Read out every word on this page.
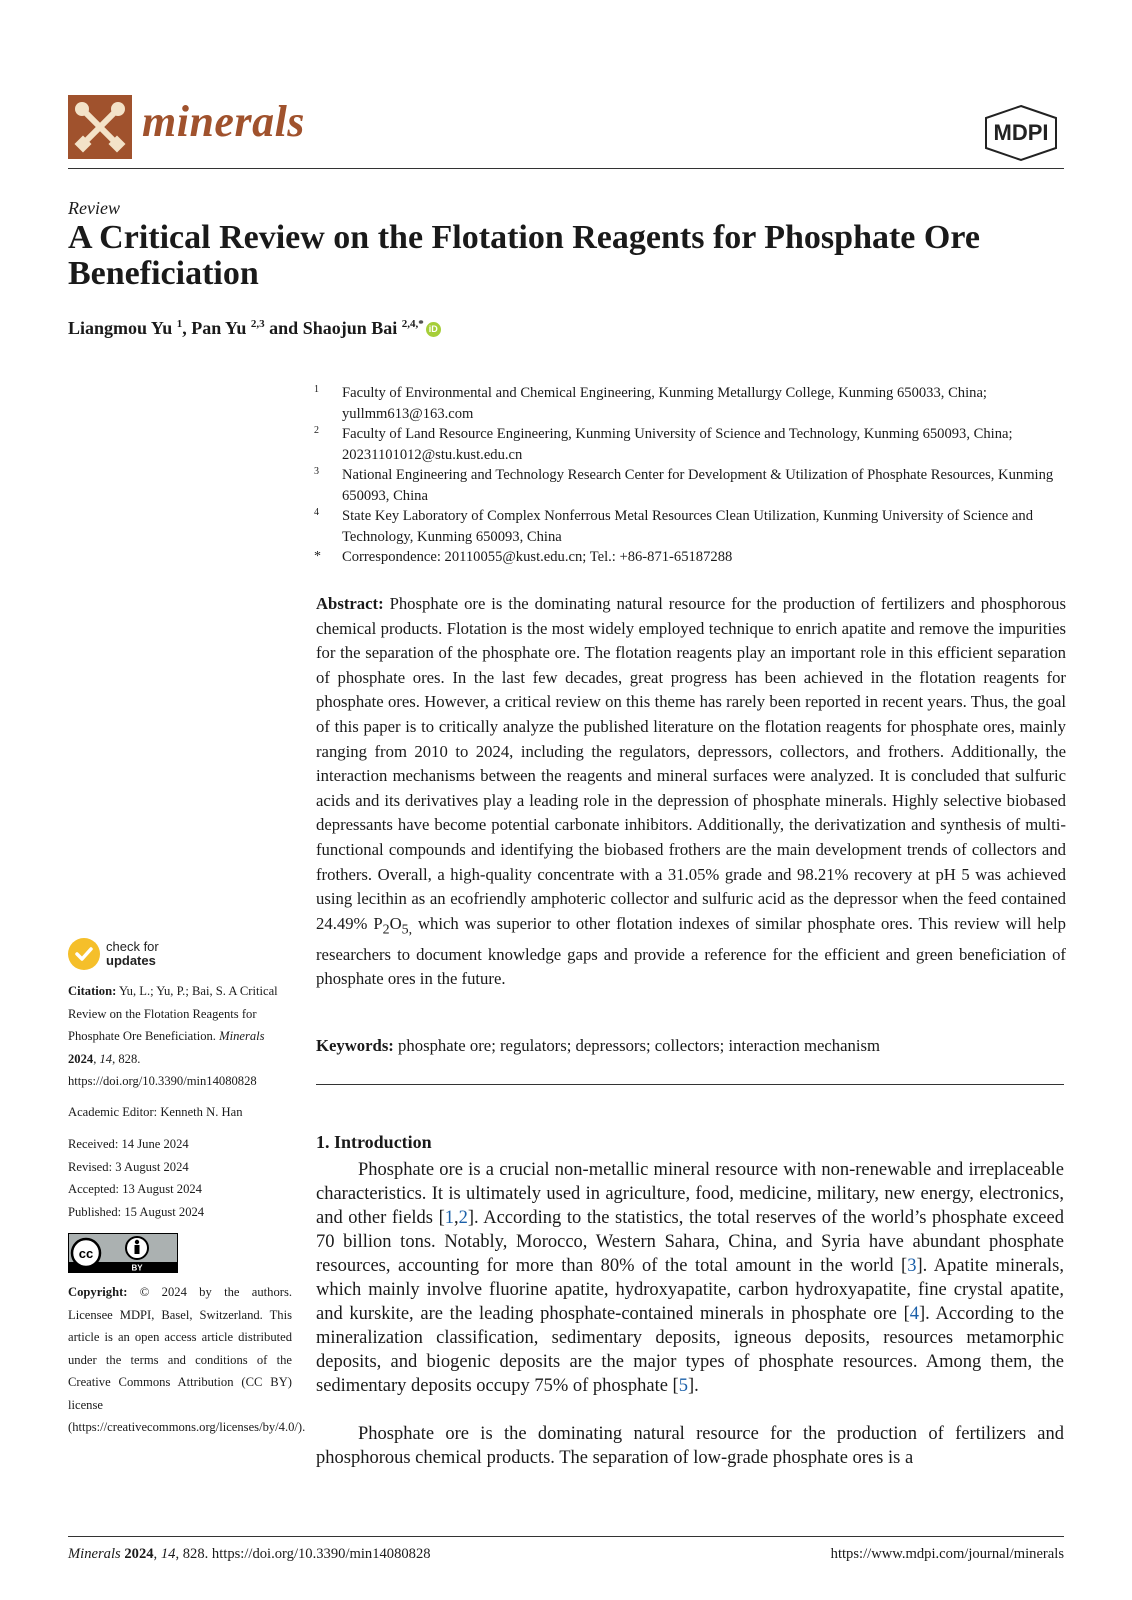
minerals	MDPI
Review
A Critical Review on the Flotation Reagents for Phosphate Ore Beneficiation
Liangmou Yu $^1$, Pan Yu $^{2,3}$ and Shaojun Bai $^{2,4,*}$ iD
1 Faculty of Environmental and Chemical Engineering, Kunming Metallurgy College, Kunming 650033, China; yullmm613@163.com
2 Faculty of Land Resource Engineering, Kunming University of Science and Technology, Kunming 650093, China; 20231101012@stu.kust.edu.cn
3 National Engineering and Technology Research Center for Development & Utilization of Phosphate Resources, Kunming 650093, China
4 State Key Laboratory of Complex Nonferrous Metal Resources Clean Utilization, Kunming University of Science and Technology, Kunming 650093, China
* Correspondence: 20110055@kust.edu.cn; Tel.: +86-871-65187288

Abstract: Phosphate ore is the dominating natural resource for the production of fertilizers and phosphorous chemical products. Flotation is the most widely employed technique to enrich apatite and remove the impurities for the separation of the phosphate ore. The flotation reagents play an important role in this efficient separation of phosphate ores. In the last few decades, great progress has been achieved in the flotation reagents for phosphate ores. However, a critical review on this theme has rarely been reported in recent years. Thus, the goal of this paper is to critically analyze the published literature on the flotation reagents for phosphate ores, mainly ranging from 2010 to 2024, including the regulators, depressors, collectors, and frothers. Additionally, the interaction mechanisms between the reagents and mineral surfaces were analyzed. It is concluded that sulfuric acids and its derivatives play a leading role in the depression of phosphate minerals. Highly selective biobased depressants have become potential carbonate inhibitors. Additionally, the derivatization and synthesis of multi-functional compounds and identifying the biobased frothers are the main development trends of collectors and frothers. Overall, a high-quality concentrate with a 31.05% grade and 98.21% recovery at pH 5 was achieved using lecithin as an ecofriendly amphoteric collector and sulfuric acid as the depressor when the feed contained 24.49% $P_2O_{5,}$ which was superior to other flotation indexes of similar phosphate ores. This review will help researchers to document knowledge gaps and provide a reference for the efficient and green beneficiation of phosphate ores in the future.

Keywords: phosphate ore; regulators; depressors; collectors; interaction mechanism

1. Introduction

Phosphate ore is a crucial non-metallic mineral resource with non-renewable and irreplaceable characteristics. It is ultimately used in agriculture, food, medicine, military, new energy, electronics, and other fields [1,2]. According to the statistics, the total reserves of the world’s phosphate exceed 70 billion tons. Notably, Morocco, Western Sahara, China, and Syria have abundant phosphate resources, accounting for more than 80% of the total amount in the world [3]. Apatite minerals, which mainly involve fluorine apatite, hydroxyapatite, carbon hydroxyapatite, fine crystal apatite, and kurskite, are the leading phosphate-contained minerals in phosphate ore [4]. According to the mineralization classification, sedimentary deposits, igneous deposits, resources metamorphic deposits, and biogenic deposits are the major types of phosphate resources. Among them, the sedimentary deposits occupy 75% of phosphate [5].

Phosphate ore is the dominating natural resource for the production of fertilizers and phosphorous chemical products. The separation of low-grade phosphate ores is a

check for
updates

Citation: Yu, L.; Yu, P.; Bai, S. A Critical Review on the Flotation Reagents for Phosphate Ore Beneficiation. Minerals 2024, 14, 828. https://doi.org/10.3390/min14080828

Academic Editor: Kenneth N. Han

Received: 14 June 2024

Revised: 3 August 2024

Accepted: 13 August 2024

Published: 15 August 2024

cc
BY

Copyright: © 2024 by the authors. Licensee MDPI, Basel, Switzerland. This article is an open access article distributed under the terms and conditions of the Creative Commons Attribution (CC BY) license (https://creativecommons.org/licenses/by/4.0/).

Minerals 2024, 14, 828. https://doi.org/10.3390/min14080828	https://www.mdpi.com/journal/minerals
